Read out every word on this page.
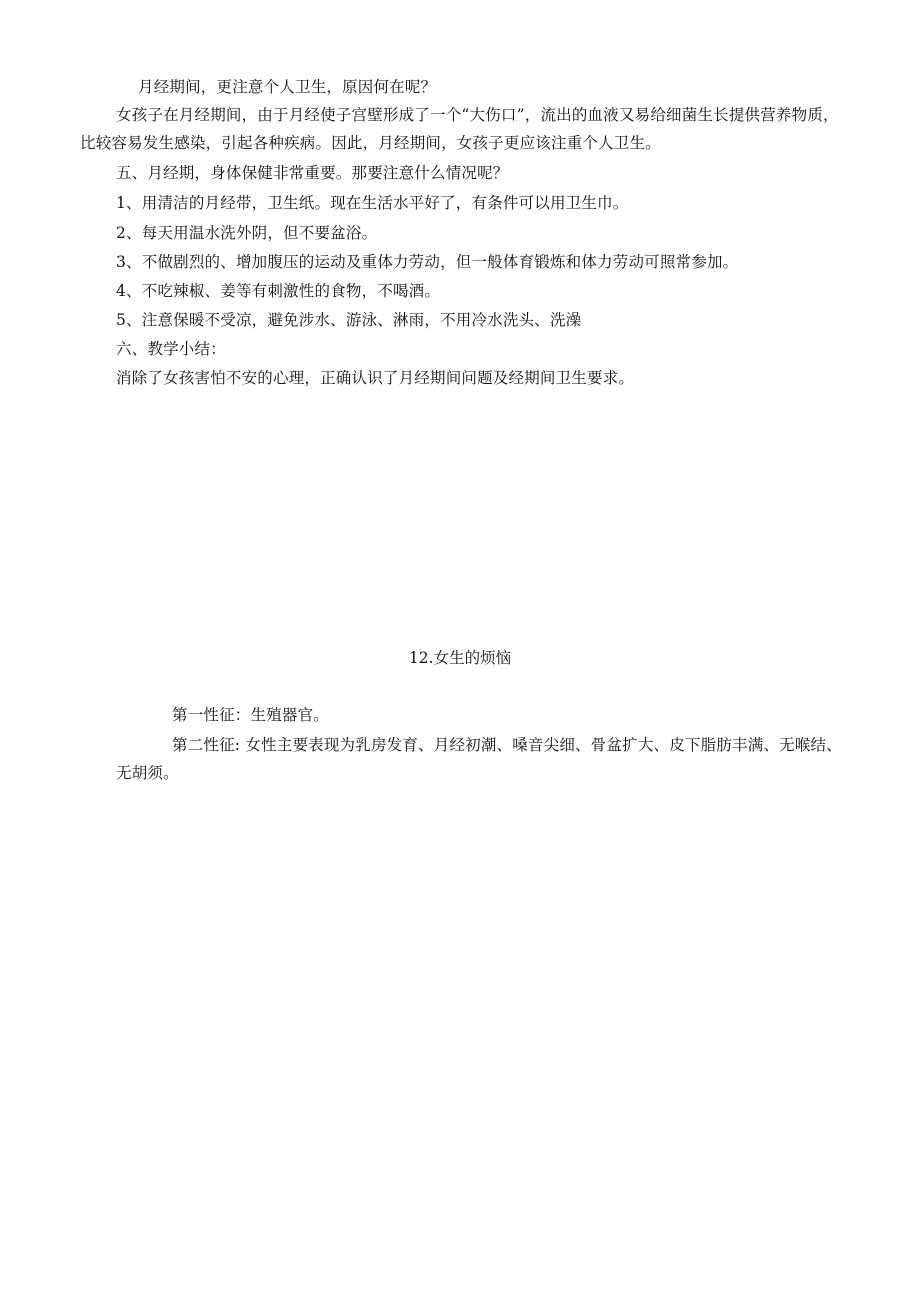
月经期间，更注意个人卫生，原因何在呢？
女孩子在月经期间，由于月经使子宫壁形成了一个“大伤口”，流出的血液又易给细菌生长提供营养物质，比较容易发生感染，引起各种疾病。因此，月经期间，女孩子更应该注重个人卫生。
五、月经期，身体保健非常重要。那要注意什么情况呢？
1、用清洁的月经带，卫生纸。现在生活水平好了，有条件可以用卫生巾。
2、每天用温水洗外阴，但不要盆浴。
3、不做剧烈的、增加腹压的运动及重体力劳动，但一般体育锻炼和体力劳动可照常参加。
4、不吃辣椒、姜等有刺激性的食物，不喝酒。
5、注意保暖不受凉，避免涉水、游泳、淋雨，不用冷水洗头、洗澡
六、教学小结：
消除了女孩害怕不安的心理，正确认识了月经期间问题及经期间卫生要求。
12.女生的烦恼
第一性征：生殖器官。
第二性征: 女性主要表现为乳房发育、月经初潮、嗓音尖细、骨盆扩大、皮下脂肪丰满、无喉结、无胡须。
